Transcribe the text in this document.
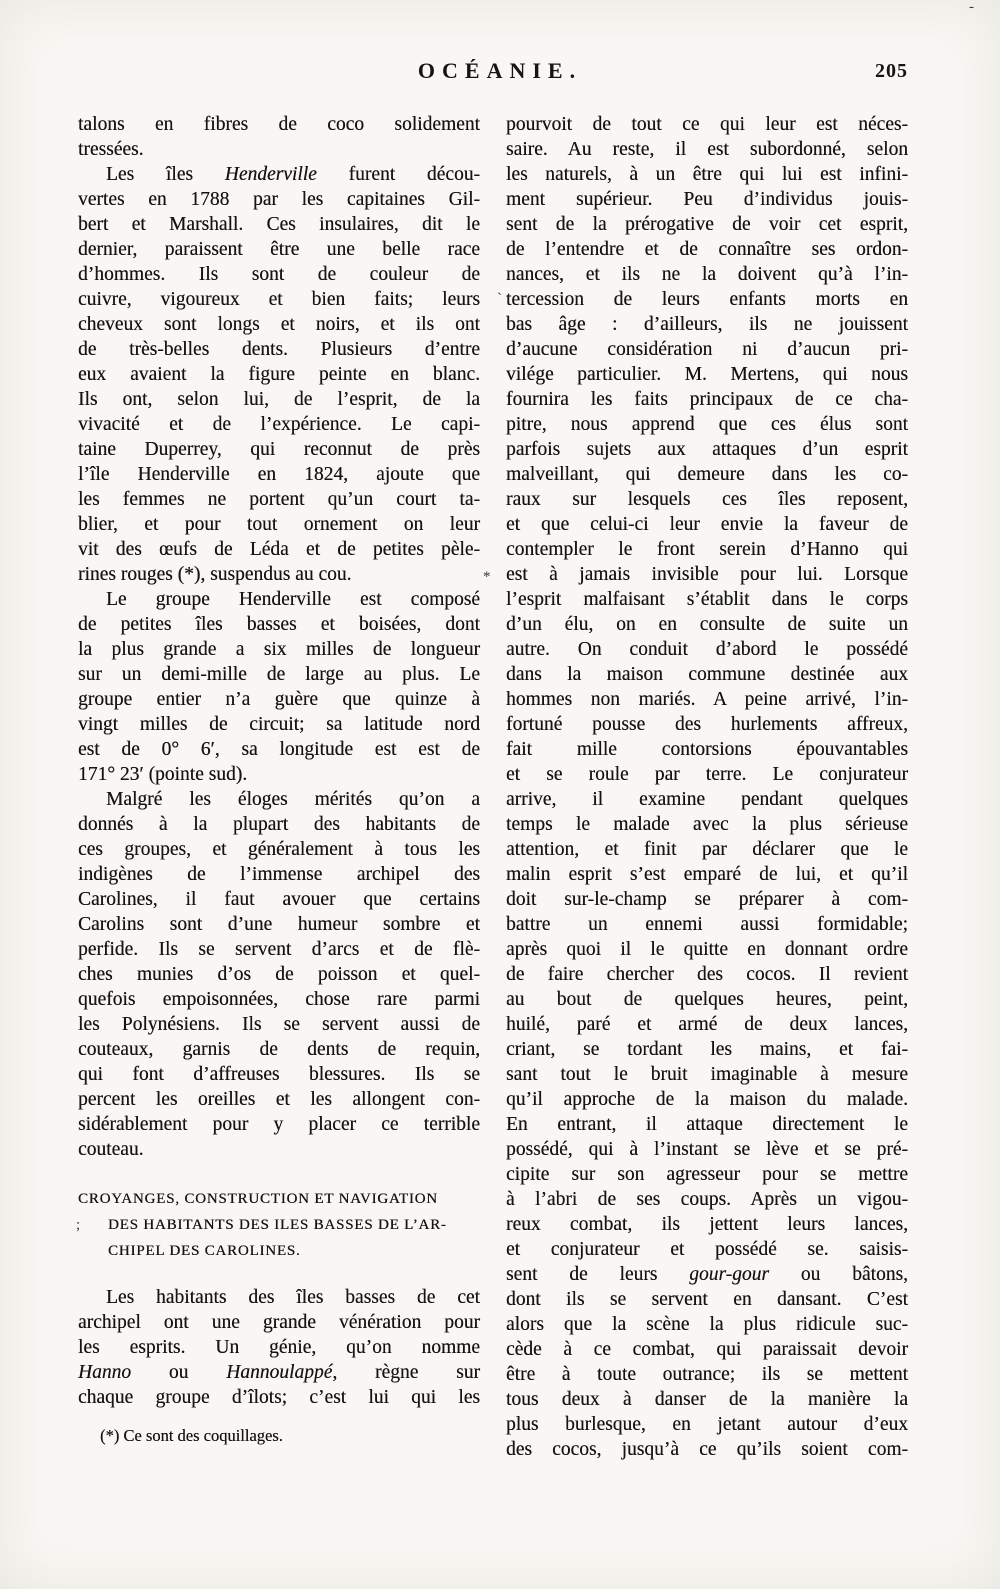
OCÉANIE.	205
talons en fibres de coco solidement
tressées.
Les îles Henderville furent décou-
vertes en 1788 par les capitaines Gil-
bert et Marshall. Ces insulaires, dit le
dernier, paraissent être une belle race
d’hommes. Ils sont de couleur de
cuivre, vigoureux et bien faits; leurs
cheveux sont longs et noirs, et ils ont
de très-belles dents. Plusieurs d’entre
eux avaient la figure peinte en blanc.
Ils ont, selon lui, de l’esprit, de la
vivacité et de l’expérience. Le capi-
taine Duperrey, qui reconnut de près
l’île Henderville en 1824, ajoute que
les femmes ne portent qu’un court ta-
blier, et pour tout ornement on leur
vit des œufs de Léda et de petites pèle-
rines rouges (*), suspendus au cou.
Le groupe Henderville est composé
de petites îles basses et boisées, dont
la plus grande a six milles de longueur
sur un demi-mille de large au plus. Le
groupe entier n’a guère que quinze à
vingt milles de circuit; sa latitude nord
est de 0° 6′, sa longitude est est de
171° 23′ (pointe sud).
Malgré les éloges mérités qu’on a
donnés à la plupart des habitants de
ces groupes, et généralement à tous les
indigènes de l’immense archipel des
Carolines, il faut avouer que certains
Carolins sont d’une humeur sombre et
perfide. Ils se servent d’arcs et de flè-
ches munies d’os de poisson et quel-
quefois empoisonnées, chose rare parmi
les Polynésiens. Ils se servent aussi de
couteaux, garnis de dents de requin,
qui font d’affreuses blessures. Ils se
percent les oreilles et les allongent con-
sidérablement pour y placer ce terrible
couteau.
CROYANGES, CONSTRUCTION ET NAVIGATION
DES HABITANTS DES ILES BASSES DE L’AR-
CHIPEL DES CAROLINES.
Les habitants des îles basses de cet
archipel ont une grande vénération pour
les esprits. Un génie, qu’on nomme
Hanno ou Hannoulappé, règne sur
chaque groupe d’îlots; c’est lui qui les
(*) Ce sont des coquillages.
pourvoit de tout ce qui leur est néces-
saire. Au reste, il est subordonné, selon
les naturels, à un être qui lui est infini-
ment supérieur. Peu d’individus jouis-
sent de la prérogative de voir cet esprit,
de l’entendre et de connaître ses ordon-
nances, et ils ne la doivent qu’à l’in-
tercession de leurs enfants morts en
bas âge : d’ailleurs, ils ne jouissent
d’aucune considération ni d’aucun pri-
vilége particulier. M. Mertens, qui nous
fournira les faits principaux de ce cha-
pitre, nous apprend que ces élus sont
parfois sujets aux attaques d’un esprit
malveillant, qui demeure dans les co-
raux sur lesquels ces îles reposent,
et que celui-ci leur envie la faveur de
contempler le front serein d’Hanno qui
est à jamais invisible pour lui. Lorsque
l’esprit malfaisant s’établit dans le corps
d’un élu, on en consulte de suite un
autre. On conduit d’abord le possédé
dans la maison commune destinée aux
hommes non mariés. A peine arrivé, l’in-
fortuné pousse des hurlements affreux,
fait mille contorsions épouvantables
et se roule par terre. Le conjurateur
arrive, il examine pendant quelques
temps le malade avec la plus sérieuse
attention, et finit par déclarer que le
malin esprit s’est emparé de lui, et qu’il
doit sur-le-champ se préparer à com-
battre un ennemi aussi formidable;
après quoi il le quitte en donnant ordre
de faire chercher des cocos. Il revient
au bout de quelques heures, peint,
huilé, paré et armé de deux lances,
criant, se tordant les mains, et fai-
sant tout le bruit imaginable à mesure
qu’il approche de la maison du malade.
En entrant, il attaque directement le
possédé, qui à l’instant se lève et se pré-
cipite sur son agresseur pour se mettre
à l’abri de ses coups. Après un vigou-
reux combat, ils jettent leurs lances,
et conjurateur et possédé se. saisis-
sent de leurs gour-gour ou bâtons,
dont ils se servent en dansant. C’est
alors que la scène la plus ridicule suc-
cède à ce combat, qui paraissait devoir
être à toute outrance; ils se mettent
tous deux à danser de la manière la
plus burlesque, en jetant autour d’eux
des cocos, jusqu’à ce qu’ils soient com-
-
*
`
;
